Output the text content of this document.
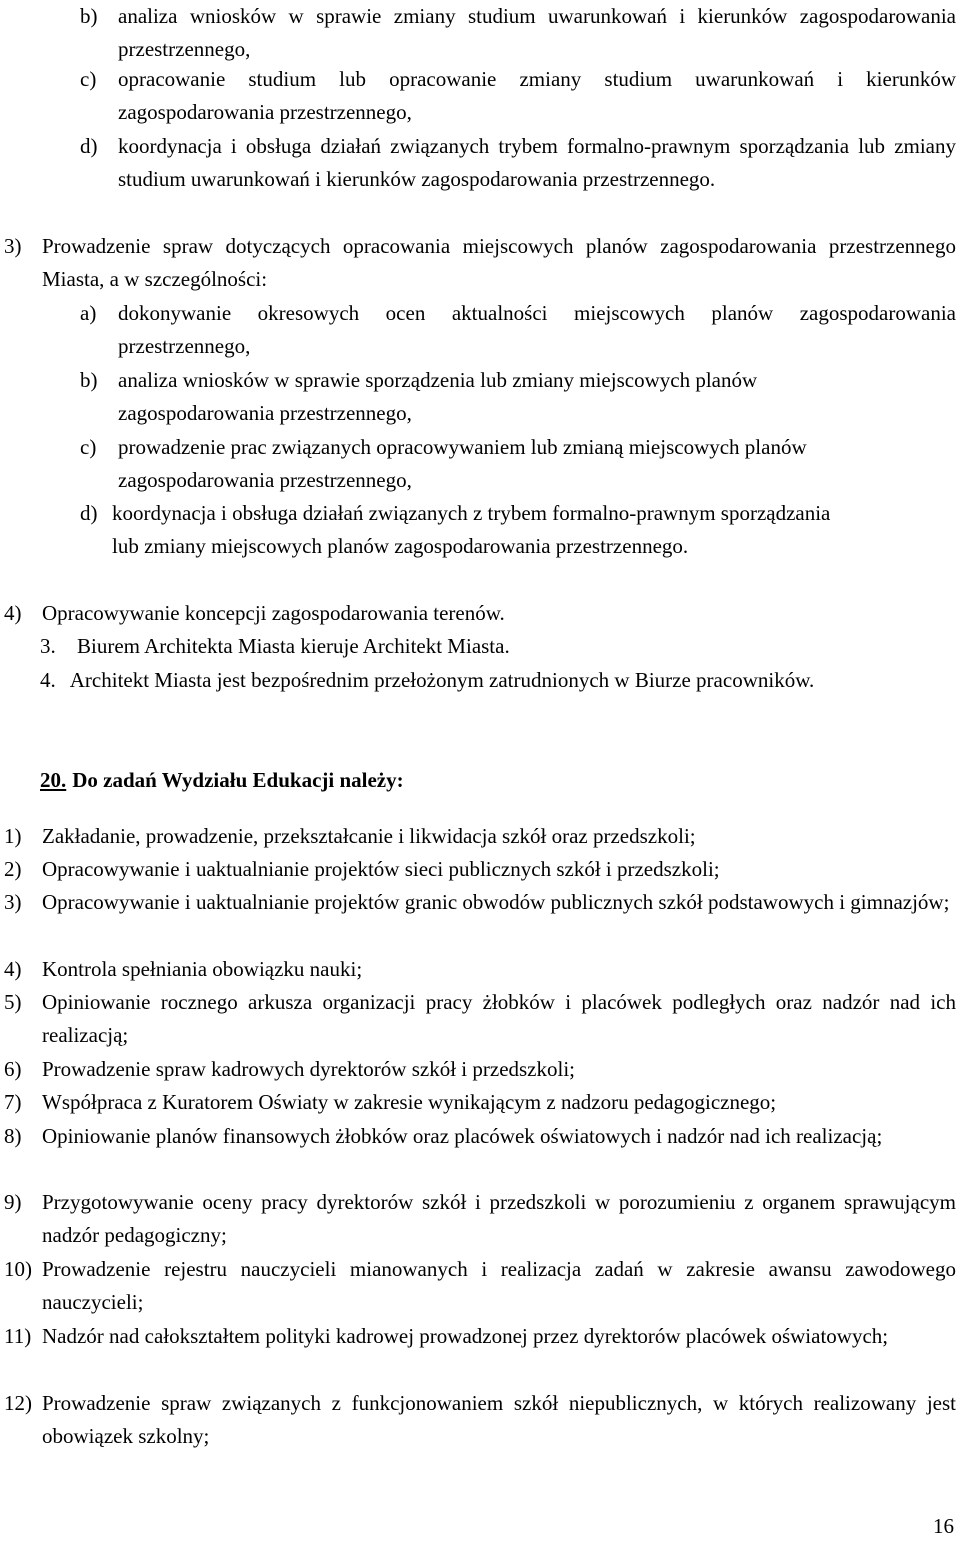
b) analiza wniosków w sprawie zmiany studium uwarunkowań i kierunków zagospodarowania przestrzennego,
c)	opracowanie studium lub opracowanie zmiany studium uwarunkowań i kierunków zagospodarowania przestrzennego,
d) koordynacja i obsługa działań związanych trybem formalno-prawnym sporządzania lub zmiany studium uwarunkowań i kierunków zagospodarowania przestrzennego.
3) Prowadzenie spraw dotyczących opracowania miejscowych planów zagospodarowania przestrzennego Miasta, a w szczególności:
a)	dokonywanie okresowych ocen aktualności miejscowych planów zagospodarowania przestrzennego,
b) analiza wniosków w sprawie sporządzenia lub zmiany miejscowych planów zagospodarowania przestrzennego,
c)	prowadzenie prac związanych opracowywaniem lub zmianą miejscowych planów zagospodarowania przestrzennego,
d) koordynacja i obsługa działań związanych z trybem formalno-prawnym sporządzania lub zmiany miejscowych planów zagospodarowania przestrzennego.
4) Opracowywanie koncepcji zagospodarowania terenów.
3.	Biurem Architekta Miasta kieruje Architekt Miasta.
4. Architekt Miasta jest bezpośrednim przełożonym zatrudnionych w Biurze pracowników.
20. Do zadań Wydziału Edukacji należy:
1) Zakładanie, prowadzenie, przekształcanie i likwidacja szkół oraz przedszkoli;
2) Opracowywanie i uaktualnianie projektów sieci publicznych szkół i przedszkoli;
3) Opracowywanie i uaktualnianie projektów granic obwodów publicznych szkół podstawowych i gimnazjów;
4) Kontrola spełniania obowiązku nauki;
5) Opiniowanie rocznego arkusza organizacji pracy żłobków i placówek podległych oraz nadzór nad ich realizacją;
6) Prowadzenie spraw kadrowych dyrektorów szkół i przedszkoli;
7) Współpraca z Kuratorem Oświaty w zakresie wynikającym z nadzoru pedagogicznego;
8) Opiniowanie planów finansowych żłobków oraz placówek oświatowych i nadzór nad ich realizacją;
9) Przygotowywanie oceny pracy dyrektorów szkół i przedszkoli w porozumieniu z organem sprawującym nadzór pedagogiczny;
10) Prowadzenie rejestru nauczycieli mianowanych i realizacja zadań w zakresie awansu zawodowego nauczycieli;
11) Nadzór nad całokształtem polityki kadrowej prowadzonej przez dyrektorów placówek oświatowych;
12) Prowadzenie spraw związanych z funkcjonowaniem szkół niepublicznych, w których realizowany jest obowiązek szkolny;
16
